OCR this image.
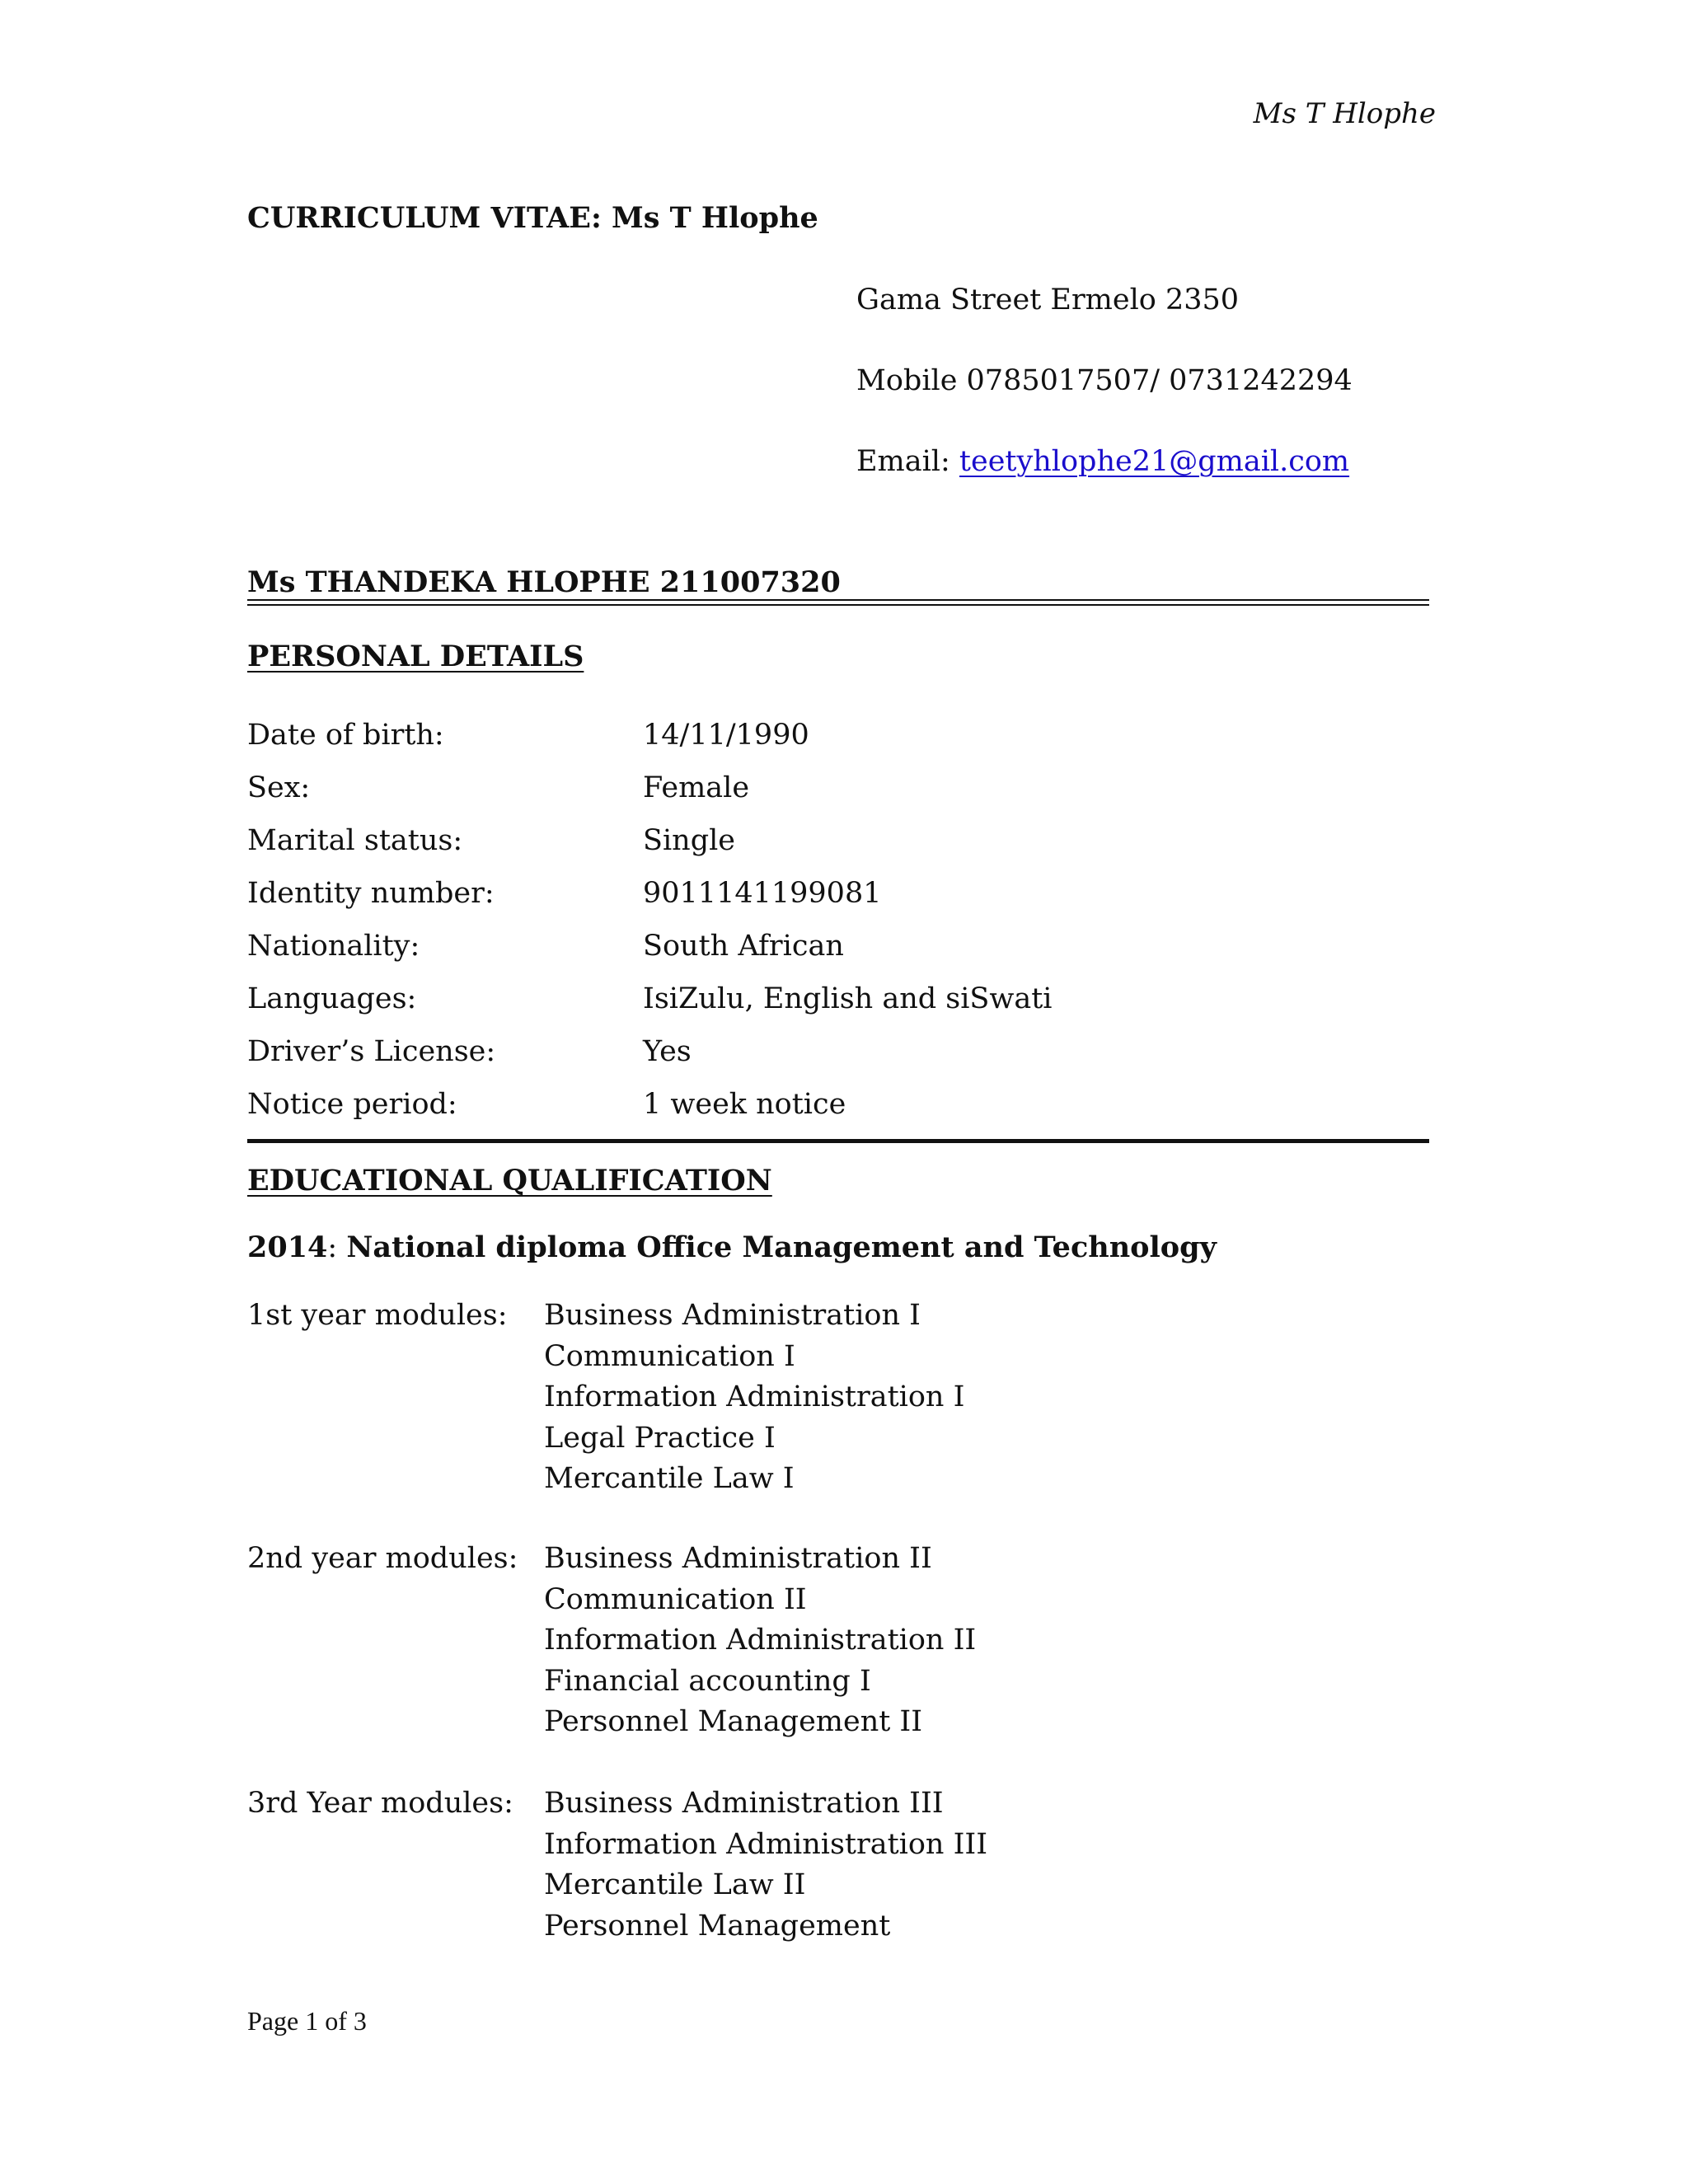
Ms T Hlophe
CURRICULUM VITAE: Ms T Hlophe
Gama Street Ermelo 2350
Mobile 0785017507/ 0731242294
Email: teetyhlophe21@gmail.com
Ms THANDEKA HLOPHE 211007320
PERSONAL DETAILS
Date of birth:	14/11/1990
Sex:	Female
Marital status:	Single
Identity number:	9011141199081
Nationality:	South African
Languages:	IsiZulu, English and siSwati
Driver’s License:	Yes
Notice period:	1 week notice
EDUCATIONAL QUALIFICATION
2014: National diploma Office Management and Technology
1st year modules: Business Administration I
Communication I
Information Administration I
Legal Practice I
Mercantile Law I
2nd year modules: Business Administration II
Communication II
Information Administration II
Financial accounting I
Personnel Management II
3rd Year modules: Business Administration III
Information Administration III
Mercantile Law II
Personnel Management
Page 1 of 3
